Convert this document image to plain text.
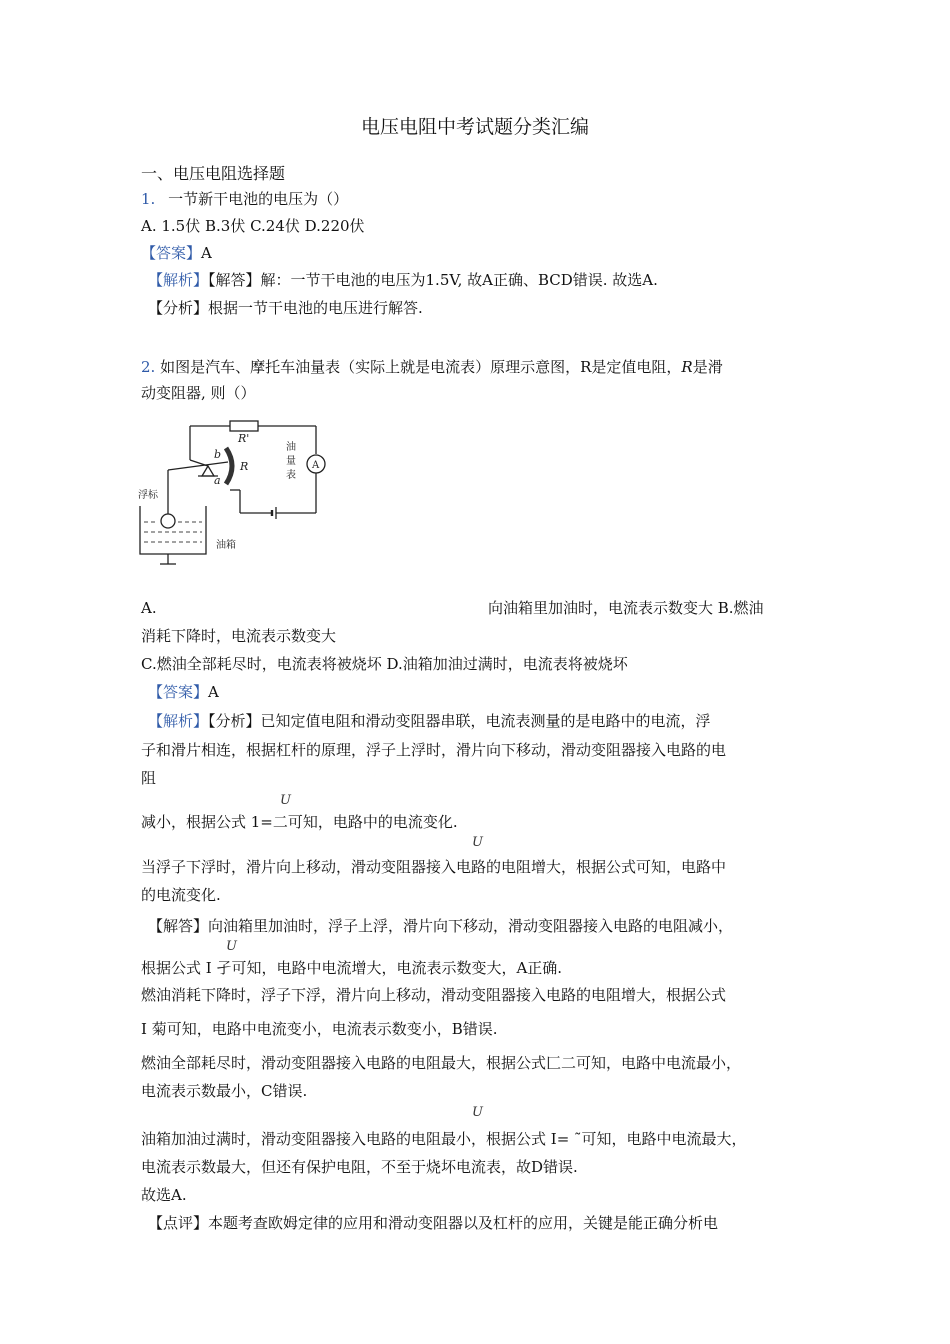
电压电阻中考试题分类汇编
一、电压电阻选择题
1. 一节新干电池的电压为（）
A. 1.5伏 B.3伏 C.24伏 D.220伏
【答案】A
【解析】【解答】解：一节干电池的电压为1.5V, 故A正确、BCD错误. 故选A.
【分析】根据一节干电池的电压进行解答.
2. 如图是汽车、摩托车油量表（实际上就是电流表）原理示意图，R是定值电阻，R是滑
动变阻器, 则（）
R'
R
b
a
A
油
量
表
浮标
油箱
A.	向油箱里加油时，电流表示数变大 B.燃油
消耗下降时，电流表示数变大
C.燃油全部耗尽时，电流表将被烧坏 D.油箱加油过满时，电流表将被烧坏
【答案】A
【解析】【分析】已知定值电阻和滑动变阻器串联，电流表测量的是电路中的电流，浮
子和滑片相连，根据杠杆的原理，浮子上浮时，滑片向下移动，滑动变阻器接入电路的电
阻
U
减小，根据公式 1=二可知，电路中的电流变化.
U
当浮子下浮时，滑片向上移动，滑动变阻器接入电路的电阻增大，根据公式可知，电路中
的电流变化.
【解答】向油箱里加油时，浮子上浮，滑片向下移动，滑动变阻器接入电路的电阻减小，
U
根据公式 I 孑可知，电路中电流增大，电流表示数变大，A正确.
燃油消耗下降时，浮子下浮，滑片向上移动，滑动变阻器接入电路的电阻增大，根据公式
I 菊可知，电路中电流变小，电流表示数变小，B错误.
燃油全部耗尽时，滑动变阻器接入电路的电阻最大，根据公式匚二可知，电路中电流最小，
电流表示数最小，C错误.
U
油箱加油过满时，滑动变阻器接入电路的电阻最小，根据公式 I= ˜可知，电路中电流最大，
电流表示数最大，但还有保护电阻，不至于烧坏电流表，故D错误.
故选A.
【点评】本题考查欧姆定律的应用和滑动变阻器以及杠杆的应用，关键是能正确分析电
